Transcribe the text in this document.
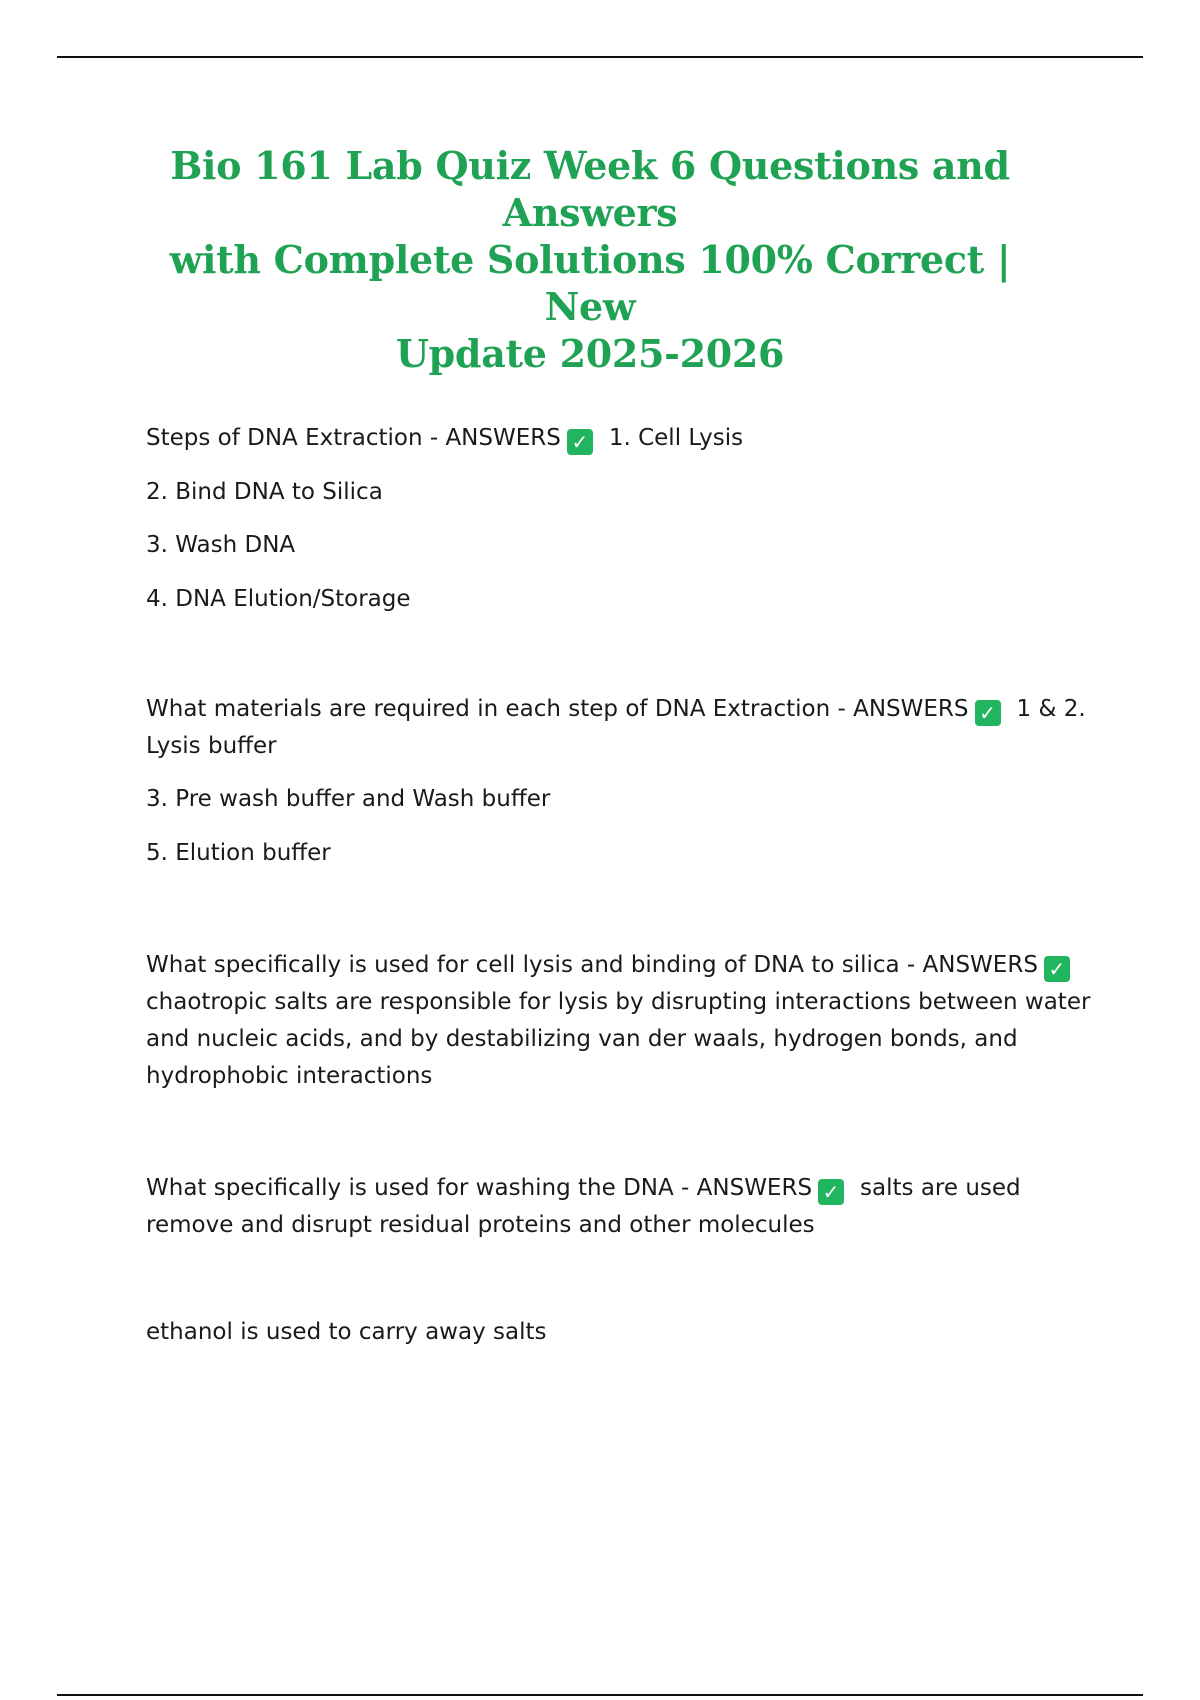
Bio 161 Lab Quiz Week 6 Questions and Answers
with Complete Solutions 100% Correct | New
Update 2025-2026
Steps of DNA Extraction - ANSWERS ✓ 1. Cell Lysis
2. Bind DNA to Silica
3. Wash DNA
4. DNA Elution/Storage
What materials are required in each step of DNA Extraction - ANSWERS ✓ 1 & 2.
Lysis buffer
3. Pre wash buffer and Wash buffer
5. Elution buffer
What specifically is used for cell lysis and binding of DNA to silica - ANSWERS ✓
chaotropic salts are responsible for lysis by disrupting interactions between water
and nucleic acids, and by destabilizing van der waals, hydrogen bonds, and
hydrophobic interactions
What specifically is used for washing the DNA - ANSWERS ✓ salts are used
remove and disrupt residual proteins and other molecules
ethanol is used to carry away salts
